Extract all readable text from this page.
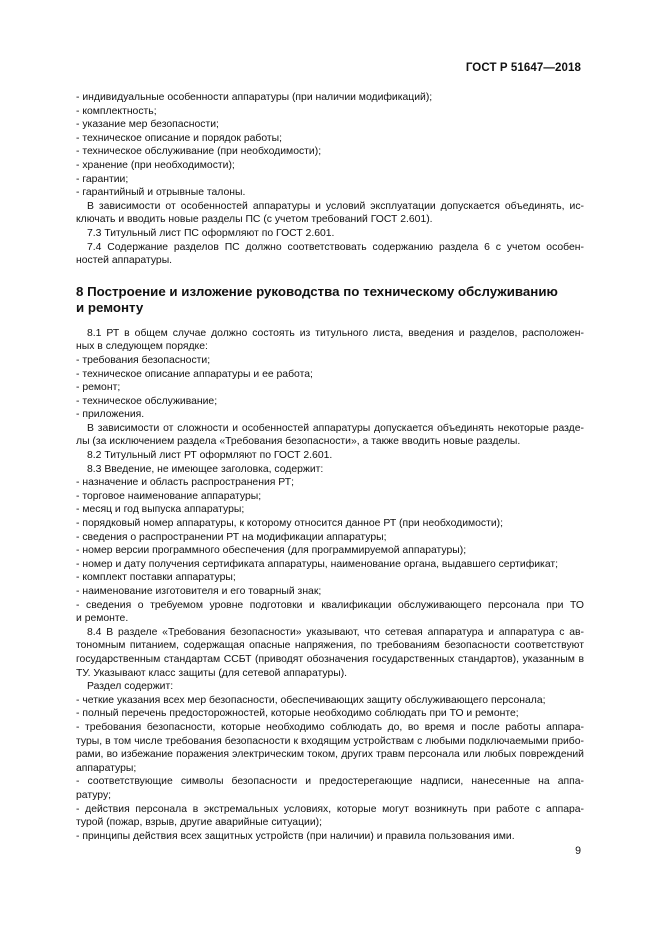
ГОСТ Р 51647—2018

- индивидуальные особенности аппаратуры (при наличии модификаций);

- комплектность;

- указание мер безопасности;

- техническое описание и порядок работы;

- техническое обслуживание (при необходимости);

- хранение (при необходимости);

- гарантии;

- гарантийный и отрывные талоны.

В зависимости от особенностей аппаратуры и условий эксплуатации допускается объединять, ис-

ключать и вводить новые разделы ПС (с учетом требований ГОСТ 2.601).

7.3 Титульный лист ПС оформляют по ГОСТ 2.601.

7.4 Содержание разделов ПС должно соответствовать содержанию раздела 6 с учетом особен-

ностей аппаратуры.

8 Построение и изложение руководства по техническому обслуживанию
и ремонту

8.1 РТ в общем случае должно состоять из титульного листа, введения и разделов, расположен-

ных в следующем порядке:

- требования безопасности;

- техническое описание аппаратуры и ее работа;

- ремонт;

- техническое обслуживание;

- приложения.

В зависимости от сложности и особенностей аппаратуры допускается объединять некоторые разде-

лы (за исключением раздела «Требования безопасности», а также вводить новые разделы.

8.2 Титульный лист РТ оформляют по ГОСТ 2.601.

8.3 Введение, не имеющее заголовка, содержит:

- назначение и область распространения РТ;

- торговое наименование аппаратуры;

- месяц и год выпуска аппаратуры;

- порядковый номер аппаратуры, к которому относится данное РТ (при необходимости);

- сведения о распространении РТ на модификации аппаратуры;

- номер версии программного обеспечения (для программируемой аппаратуры);

- номер и дату получения сертификата аппаратуры, наименование органа, выдавшего сертификат;

- комплект поставки аппаратуры;

- наименование изготовителя и его товарный знак;

- сведения о требуемом уровне подготовки и квалификации обслуживающего персонала при ТО

и ремонте.

8.4 В разделе «Требования безопасности» указывают, что сетевая аппаратура и аппаратура с ав-

тономным питанием, содержащая опасные напряжения, по требованиям безопасности соответствуют

государственным стандартам ССБТ (приводят обозначения государственных стандартов), указанным в

ТУ. Указывают класс защиты (для сетевой аппаратуры).

Раздел содержит:

- четкие указания всех мер безопасности, обеспечивающих защиту обслуживающего персонала;

- полный перечень предосторожностей, которые необходимо соблюдать при ТО и ремонте;

- требования безопасности, которые необходимо соблюдать до, во время и после работы аппара-

туры, в том числе требования безопасности к входящим устройствам с любыми подключаемыми прибо-

рами, во избежание поражения электрическим током, других травм персонала или любых повреждений

аппаратуры;

- соответствующие символы безопасности и предостерегающие надписи, нанесенные на аппа-

ратуру;

- действия персонала в экстремальных условиях, которые могут возникнуть при работе с аппара-

турой (пожар, взрыв, другие аварийные ситуации);

- принципы действия всех защитных устройств (при наличии) и правила пользования ими.

9
